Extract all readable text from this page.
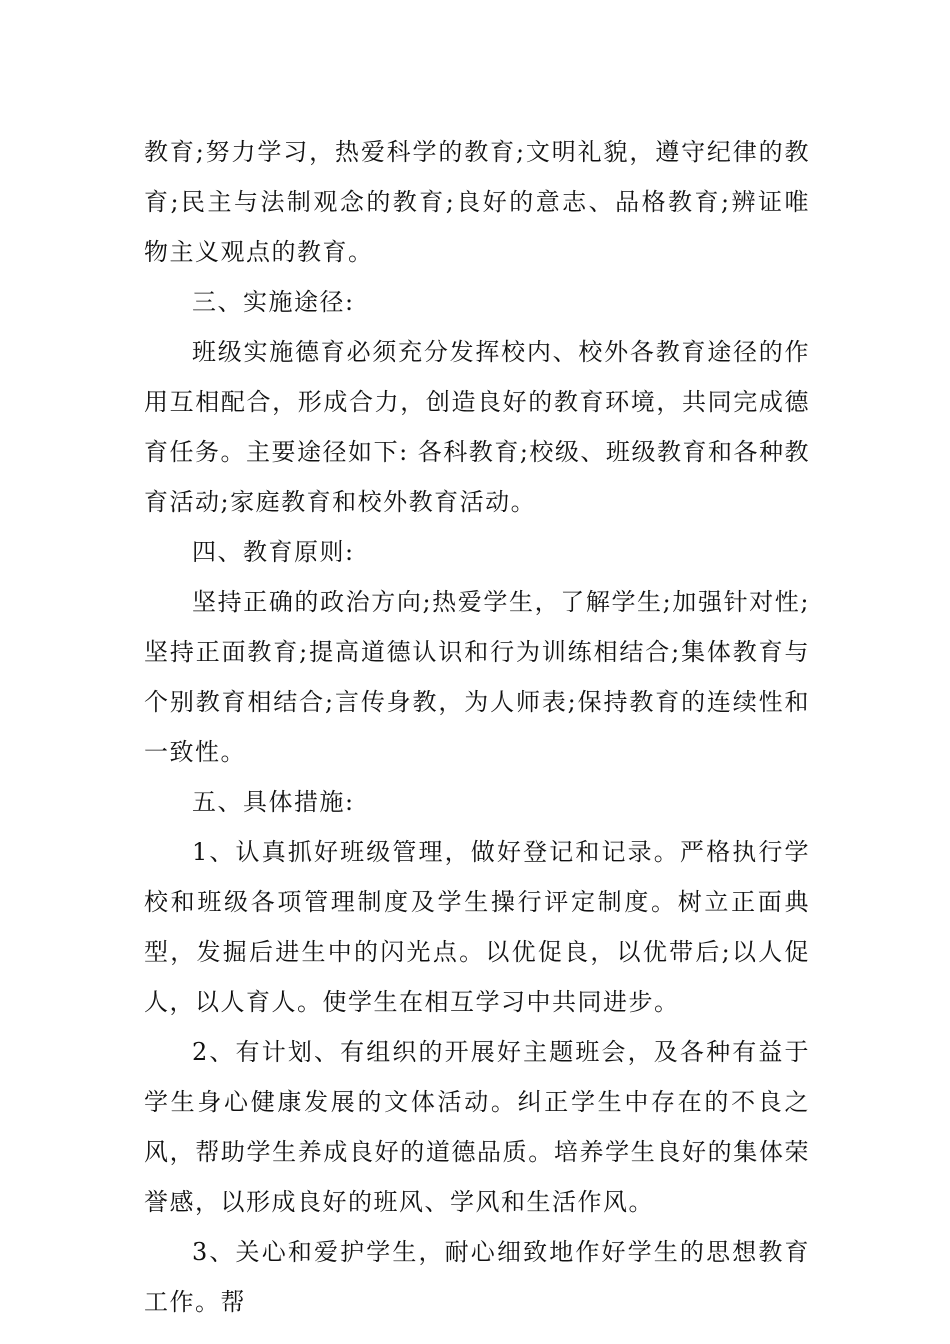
教育;努力学习，热爱科学的教育;文明礼貌，遵守纪律的教育;民主与法制观念的教育;良好的意志、品格教育;辨证唯物主义观点的教育。

三、实施途径:

班级实施德育必须充分发挥校内、校外各教育途径的作用互相配合，形成合力，创造良好的教育环境，共同完成德育任务。主要途径如下: 各科教育;校级、班级教育和各种教育活动;家庭教育和校外教育活动。

四、教育原则:

坚持正确的政治方向;热爱学生，了解学生;加强针对性;坚持正面教育;提高道德认识和行为训练相结合;集体教育与个别教育相结合;言传身教，为人师表;保持教育的连续性和一致性。

五、具体措施:

1、认真抓好班级管理，做好登记和记录。严格执行学校和班级各项管理制度及学生操行评定制度。树立正面典型，发掘后进生中的闪光点。以优促良，以优带后;以人促人，以人育人。使学生在相互学习中共同进步。

2、有计划、有组织的开展好主题班会，及各种有益于学生身心健康发展的文体活动。纠正学生中存在的不良之风，帮助学生养成良好的道德品质。培养学生良好的集体荣誉感，以形成良好的班风、学风和生活作风。

3、关心和爱护学生，耐心细致地作好学生的思想教育工作。帮
